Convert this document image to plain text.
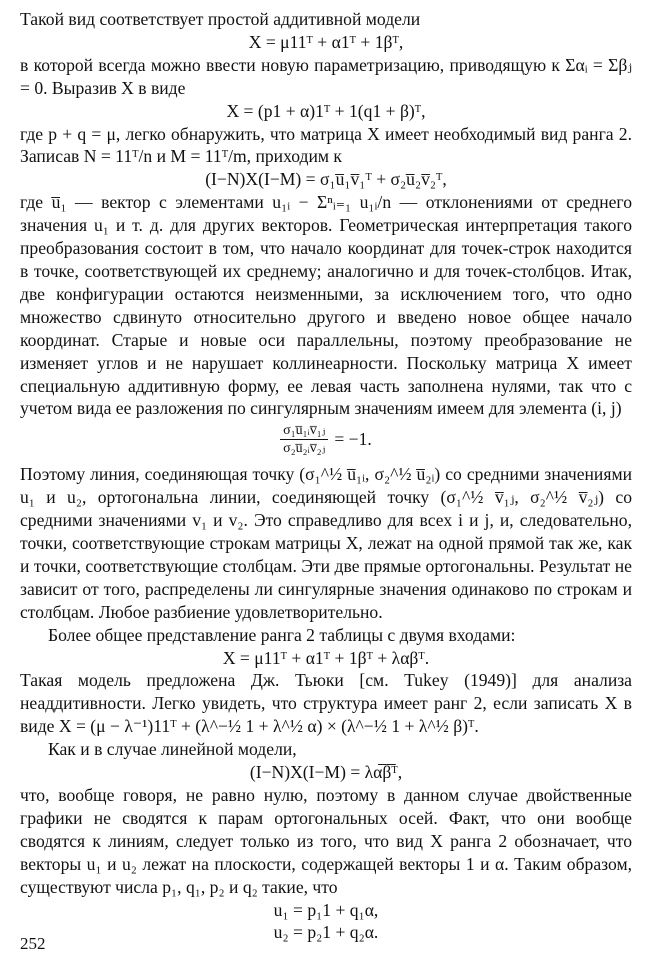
Такой вид соответствует простой аддитивной модели

X = μ11ᵀ + α1ᵀ + 1βᵀ,

в которой всегда можно ввести новую параметризацию, приводящую к Σαᵢ = Σβⱼ = 0. Выразив X в виде

X = (p1 + α)1ᵀ + 1(q1 + β)ᵀ,

где p + q = μ, легко обнаружить, что матрица X имеет необходимый вид ранга 2. Записав N = 11ᵀ/n и M = 11ᵀ/m, приходим к

(I−N)X(I−M) = σ₁u̅₁v̅₁ᵀ + σ₂u̅₂v̅₂ᵀ,

где u̅₁ — вектор с элементами u₁ᵢ − Σⁿᵢ₌₁ u₁ᵢ/n — отклонениями от среднего значения u₁ и т. д. для других векторов. Геометрическая интерпретация такого преобразования состоит в том, что начало координат для точек-строк находится в точке, соответствующей их среднему; аналогично и для точек-столбцов. Итак, две конфигурации остаются неизменными, за исключением того, что одно множество сдвинуто относительно другого и введено новое общее начало координат. Старые и новые оси параллельны, поэтому преобразование не изменяет углов и не нарушает коллинеарности. Поскольку матрица X имеет специальную аддитивную форму, ее левая часть заполнена нулями, так что с учетом вида ее разложения по сингулярным значениям имеем для элемента (i, j)

$\frac{\text{σ₁u̅₁ᵢv̅₁ⱼ}}{\text{σ₂u̅₂ᵢv̅₂ⱼ}} = -1$.

Поэтому линия, соединяющая точку (σ₁^½ u̅₁ᵢ, σ₂^½ u̅₂ᵢ) со средними значениями u₁ и u₂, ортогональна линии, соединяющей точку (σ₁^½ v̅₁ⱼ, σ₂^½ v̅₂ⱼ) со средними значениями v₁ и v₂. Это справедливо для всех i и j, и, следовательно, точки, соответствующие строкам матрицы X, лежат на одной прямой так же, как и точки, соответствующие столбцам. Эти две прямые ортогональны. Результат не зависит от того, распределены ли сингулярные значения одинаково по строкам и столбцам. Любое разбиение удовлетворительно.

Более общее представление ранга 2 таблицы с двумя входами:

X = μ11ᵀ + α1ᵀ + 1βᵀ + λαβᵀ.

Такая модель предложена Дж. Тьюки [см. Tukey (1949)] для анализа неаддитивности. Легко увидеть, что структура имеет ранг 2, если записать X в виде X = (μ − λ⁻¹)11ᵀ + (λ^−½ 1 + λ^½ α) × (λ^−½ 1 + λ^½ β)ᵀ.

Как и в случае линейной модели,

(I−N)X(I−M) = λα̅β̅ᵀ,

что, вообще говоря, не равно нулю, поэтому в данном случае двойственные графики не сводятся к парам ортогональных осей. Факт, что они вообще сводятся к линиям, следует только из того, что вид X ранга 2 обозначает, что векторы u₁ и u₂ лежат на плоскости, содержащей векторы 1 и α. Таким образом, существуют числа p₁, q₁, p₂ и q₂ такие, что

u₁ = p₁1 + q₁α,

u₂ = p₂1 + q₂α.

252
